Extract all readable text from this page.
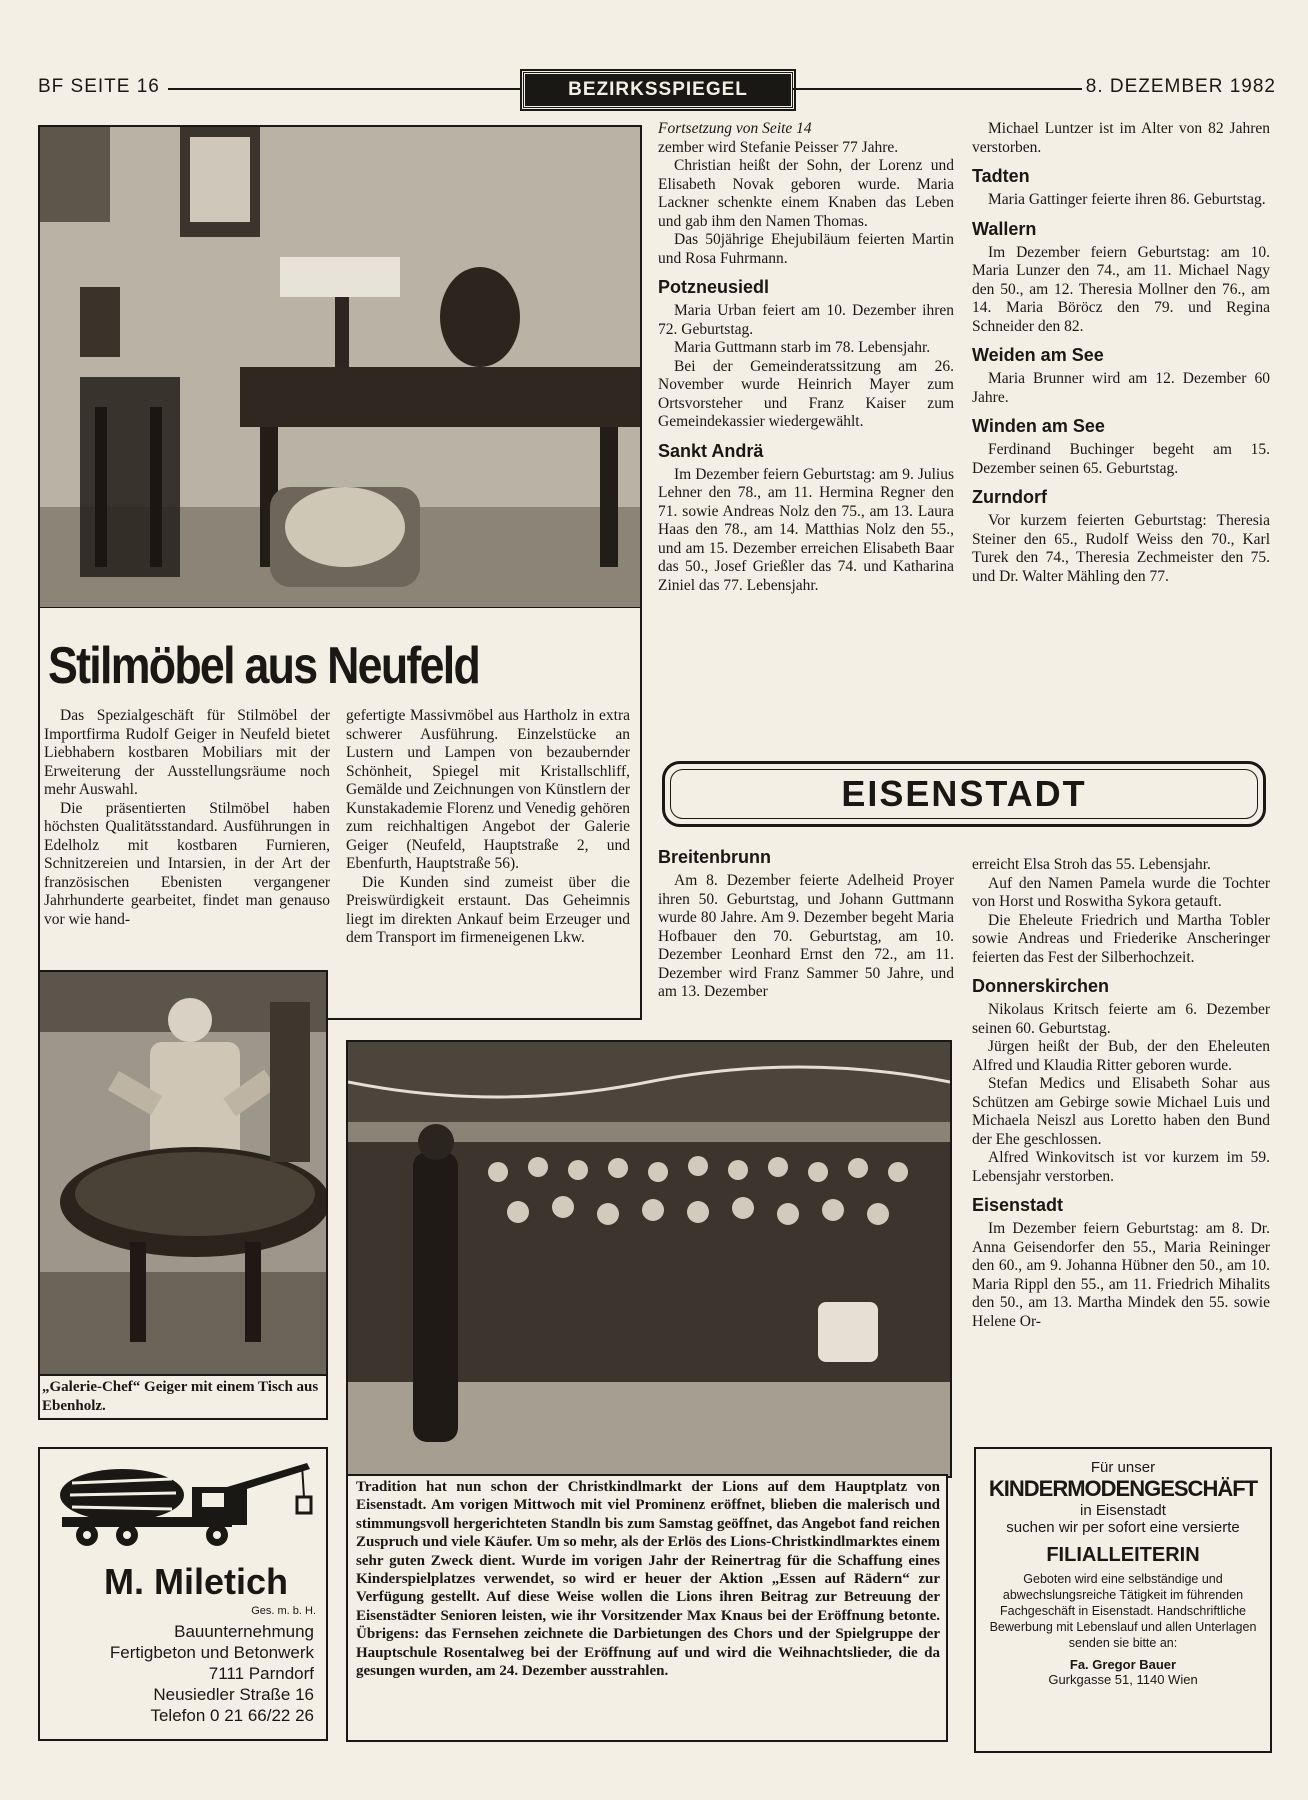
BF SEITE 16	BEZIRKSSPIEGEL	8. DEZEMBER 1982
Stilmöbel aus Neufeld

Das Spezialgeschäft für Stilmöbel der Importfirma Rudolf Geiger in Neufeld bietet Liebhabern kostbaren Mobiliars mit der Erweiterung der Ausstellungsräume noch mehr Auswahl.

Die präsentierten Stilmöbel haben höchsten Qualitätsstandard. Ausführungen in Edelholz mit kostbaren Furnieren, Schnitzereien und Intarsien, in der Art der französischen Ebenisten vergangener Jahrhunderte gearbeitet, findet man genauso vor wie hand-

gefertigte Massivmöbel aus Hartholz in extra schwerer Ausführung. Einzelstücke an Lustern und Lampen von bezaubernder Schönheit, Spiegel mit Kristallschliff, Gemälde und Zeichnungen von Künstlern der Kunstakademie Florenz und Venedig gehören zum reichhaltigen Angebot der Galerie Geiger (Neufeld, Hauptstraße 2, und Ebenfurth, Hauptstraße 56).

Die Kunden sind zumeist über die Preiswürdigkeit erstaunt. Das Geheimnis liegt im direkten Ankauf beim Erzeuger und dem Transport im firmeneigenen Lkw.

„Galerie-Chef“ Geiger mit einem Tisch aus Ebenholz.
Tradition hat nun schon der Christkindlmarkt der Lions auf dem Hauptplatz von Eisenstadt. Am vorigen Mittwoch mit viel Prominenz eröffnet, blieben die malerisch und stimmungsvoll hergerichteten Standln bis zum Samstag geöffnet, das Angebot fand reichen Zuspruch und viele Käufer. Um so mehr, als der Erlös des Lions-Christkindlmarktes einem sehr guten Zweck dient. Wurde im vorigen Jahr der Reinertrag für die Schaffung eines Kinderspielplatzes verwendet, so wird er heuer der Aktion „Essen auf Rädern“ zur Verfügung gestellt. Auf diese Weise wollen die Lions ihren Beitrag zur Betreuung der Eisenstädter Senioren leisten, wie ihr Vorsitzender Max Knaus bei der Eröffnung betonte. Übrigens: das Fernsehen zeichnete die Darbietungen des Chors und der Spielgruppe der Hauptschule Rosentalweg bei der Eröffnung auf und wird die Weihnachtslieder, die da gesungen wurden, am 24. Dezember ausstrahlen.
Fortsetzung von Seite 14

zember wird Stefanie Peisser 77 Jahre.

Christian heißt der Sohn, der Lorenz und Elisabeth Novak geboren wurde. Maria Lackner schenkte einem Knaben das Leben und gab ihm den Namen Thomas.

Das 50jährige Ehejubiläum feierten Martin und Rosa Fuhrmann.

Potzneusiedl

Maria Urban feiert am 10. Dezember ihren 72. Geburtstag.

Maria Guttmann starb im 78. Lebensjahr.

Bei der Gemeinderatssitzung am 26. November wurde Heinrich Mayer zum Ortsvorsteher und Franz Kaiser zum Gemeindekassier wiedergewählt.

Sankt Andrä

Im Dezember feiern Geburtstag: am 9. Julius Lehner den 78., am 11. Hermina Regner den 71. sowie Andreas Nolz den 75., am 13. Laura Haas den 78., am 14. Matthias Nolz den 55., und am 15. Dezember erreichen Elisabeth Baar das 50., Josef Grießler das 74. und Katharina Ziniel das 77. Lebensjahr.

Michael Luntzer ist im Alter von 82 Jahren verstorben.

Tadten

Maria Gattinger feierte ihren 86. Geburtstag.

Wallern

Im Dezember feiern Geburtstag: am 10. Maria Lunzer den 74., am 11. Michael Nagy den 50., am 12. Theresia Mollner den 76., am 14. Maria Böröcz den 79. und Regina Schneider den 82.

Weiden am See

Maria Brunner wird am 12. Dezember 60 Jahre.

Winden am See

Ferdinand Buchinger begeht am 15. Dezember seinen 65. Geburtstag.

Zurndorf

Vor kurzem feierten Geburtstag: Theresia Steiner den 65., Rudolf Weiss den 70., Karl Turek den 74., Theresia Zechmeister den 75. und Dr. Walter Mähling den 77.

EISENSTADT
Breitenbrunn

Am 8. Dezember feierte Adelheid Proyer ihren 50. Geburtstag, und Johann Guttmann wurde 80 Jahre. Am 9. Dezember begeht Maria Hofbauer den 70. Geburtstag, am 10. Dezember Leonhard Ernst den 72., am 11. Dezember wird Franz Sammer 50 Jahre, und am 13. Dezember

erreicht Elsa Stroh das 55. Lebensjahr.

Auf den Namen Pamela wurde die Tochter von Horst und Roswitha Sykora getauft.

Die Eheleute Friedrich und Martha Tobler sowie Andreas und Friederike Anscheringer feierten das Fest der Silberhochzeit.

Donnerskirchen

Nikolaus Kritsch feierte am 6. Dezember seinen 60. Geburtstag.

Jürgen heißt der Bub, der den Eheleuten Alfred und Klaudia Ritter geboren wurde.

Stefan Medics und Elisabeth Sohar aus Schützen am Gebirge sowie Michael Luis und Michaela Neiszl aus Loretto haben den Bund der Ehe geschlossen.

Alfred Winkovitsch ist vor kurzem im 59. Lebensjahr verstorben.

Eisenstadt

Im Dezember feiern Geburtstag: am 8. Dr. Anna Geisendorfer den 55., Maria Reininger den 60., am 9. Johanna Hübner den 50., am 10. Maria Rippl den 55., am 11. Friedrich Mihalits den 50., am 13. Martha Mindek den 55. sowie Helene Or-

M. Miletich
Ges. m. b. H.
Bauunternehmung
Fertigbeton und Betonwerk
7111 Parndorf
Neusiedler Straße 16
Telefon 0 21 66/22 26
Für unser
KINDERMODENGESCHÄFT
in Eisenstadt
suchen wir per sofort eine versierte
FILIALLEITERIN
Geboten wird eine selbständige und abwechslungsreiche Tätigkeit im führenden Fachgeschäft in Eisenstadt. Handschriftliche Bewerbung mit Lebenslauf und allen Unterlagen senden sie bitte an:
Fa. Gregor Bauer
Gurkgasse 51, 1140 Wien
